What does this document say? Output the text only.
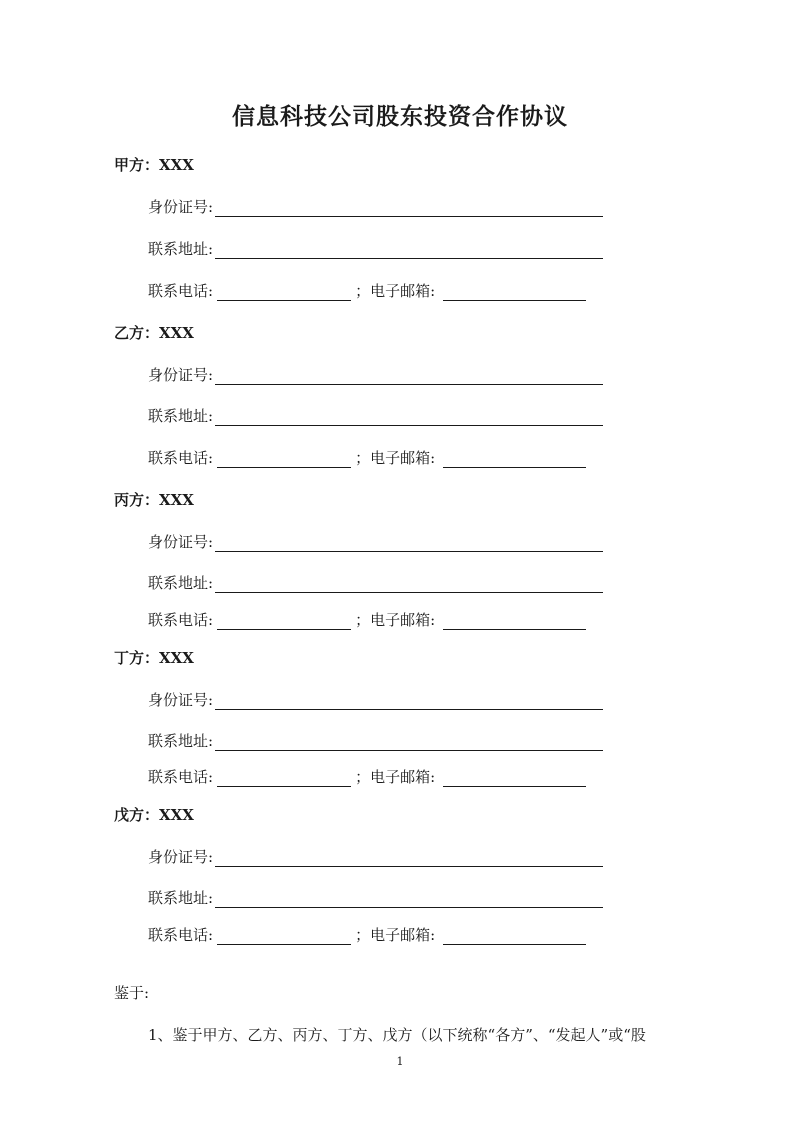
信息科技公司股东投资合作协议
甲方：XXX
身份证号:
联系地址:
联系电话:	； 电子邮箱:
乙方：XXX
身份证号:
联系地址:
联系电话:	； 电子邮箱:
丙方：XXX
身份证号:
联系地址:
联系电话:	； 电子邮箱:
丁方：XXX
身份证号:
联系地址:
联系电话:	； 电子邮箱:
戊方：XXX
身份证号:
联系地址:
联系电话:	； 电子邮箱:
鉴于:
1、鉴于甲方、乙方、丙方、丁方、戊方（以下统称“各方”、“发起人”或“股
1
